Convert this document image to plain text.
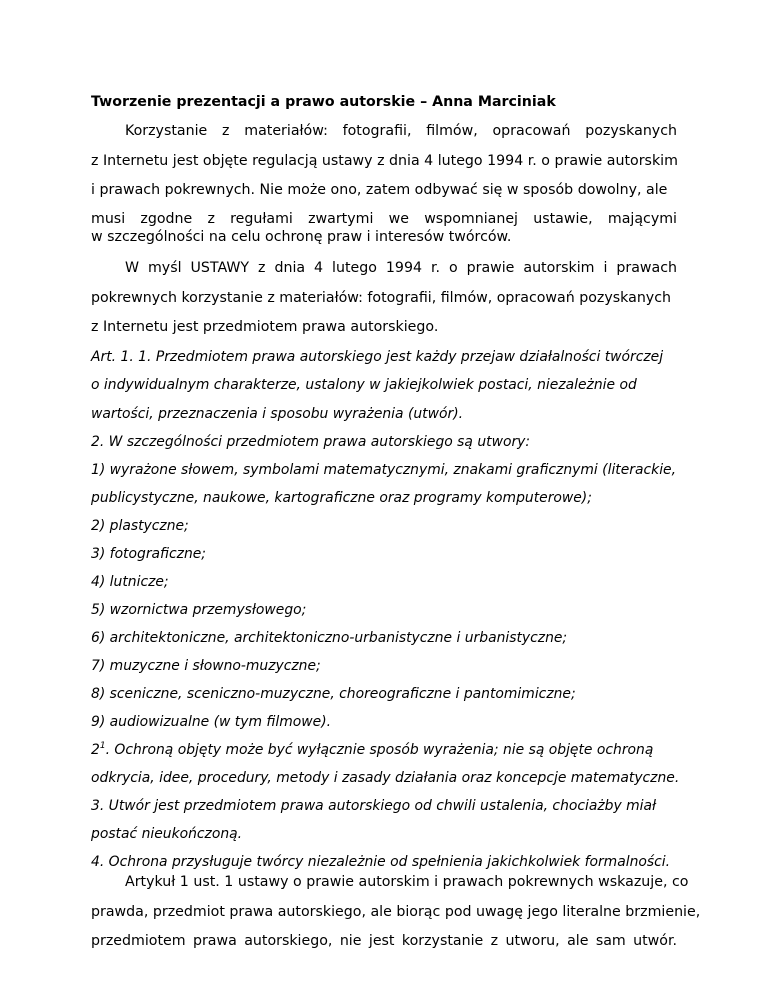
Tworzenie prezentacji a prawo autorskie – Anna Marciniak
Korzystanie z materiałów: fotografii, filmów, opracowań pozyskanych
z Internetu jest objęte regulacją ustawy z dnia 4 lutego 1994 r. o prawie autorskim
i prawach pokrewnych. Nie może ono, zatem odbywać się w sposób dowolny, ale
musi zgodne z regułami zwartymi we wspomnianej ustawie, mającymi
w szczególności na celu ochronę praw i interesów twórców.
W myśl USTAWY z dnia 4 lutego 1994 r. o prawie autorskim i prawach
pokrewnych korzystanie z materiałów: fotografii, filmów, opracowań pozyskanych
z Internetu jest przedmiotem prawa autorskiego.
Art. 1. 1. Przedmiotem prawa autorskiego jest każdy przejaw działalności twórczej
o indywidualnym charakterze, ustalony w jakiejkolwiek postaci, niezależnie od
wartości, przeznaczenia i sposobu wyrażenia (utwór).
2. W szczególności przedmiotem prawa autorskiego są utwory:
1) wyrażone słowem, symbolami matematycznymi, znakami graficznymi (literackie,
publicystyczne, naukowe, kartograficzne oraz programy komputerowe);
2) plastyczne;
3) fotograficzne;
4) lutnicze;
5) wzornictwa przemysłowego;
6) architektoniczne, architektoniczno-urbanistyczne i urbanistyczne;
7) muzyczne i słowno-muzyczne;
8) sceniczne, sceniczno-muzyczne, choreograficzne i pantomimiczne;
9) audiowizualne (w tym filmowe).
$2^1$. Ochroną objęty może być wyłącznie sposób wyrażenia; nie są objęte ochroną
odkrycia, idee, procedury, metody i zasady działania oraz koncepcje matematyczne.
3. Utwór jest przedmiotem prawa autorskiego od chwili ustalenia, chociażby miał
postać nieukończoną.
4. Ochrona przysługuje twórcy niezależnie od spełnienia jakichkolwiek formalności.
Artykuł 1 ust. 1 ustawy o prawie autorskim i prawach pokrewnych wskazuje, co
prawda, przedmiot prawa autorskiego, ale biorąc pod uwagę jego literalne brzmienie,
przedmiotem prawa autorskiego, nie jest korzystanie z utworu, ale sam utwór.
